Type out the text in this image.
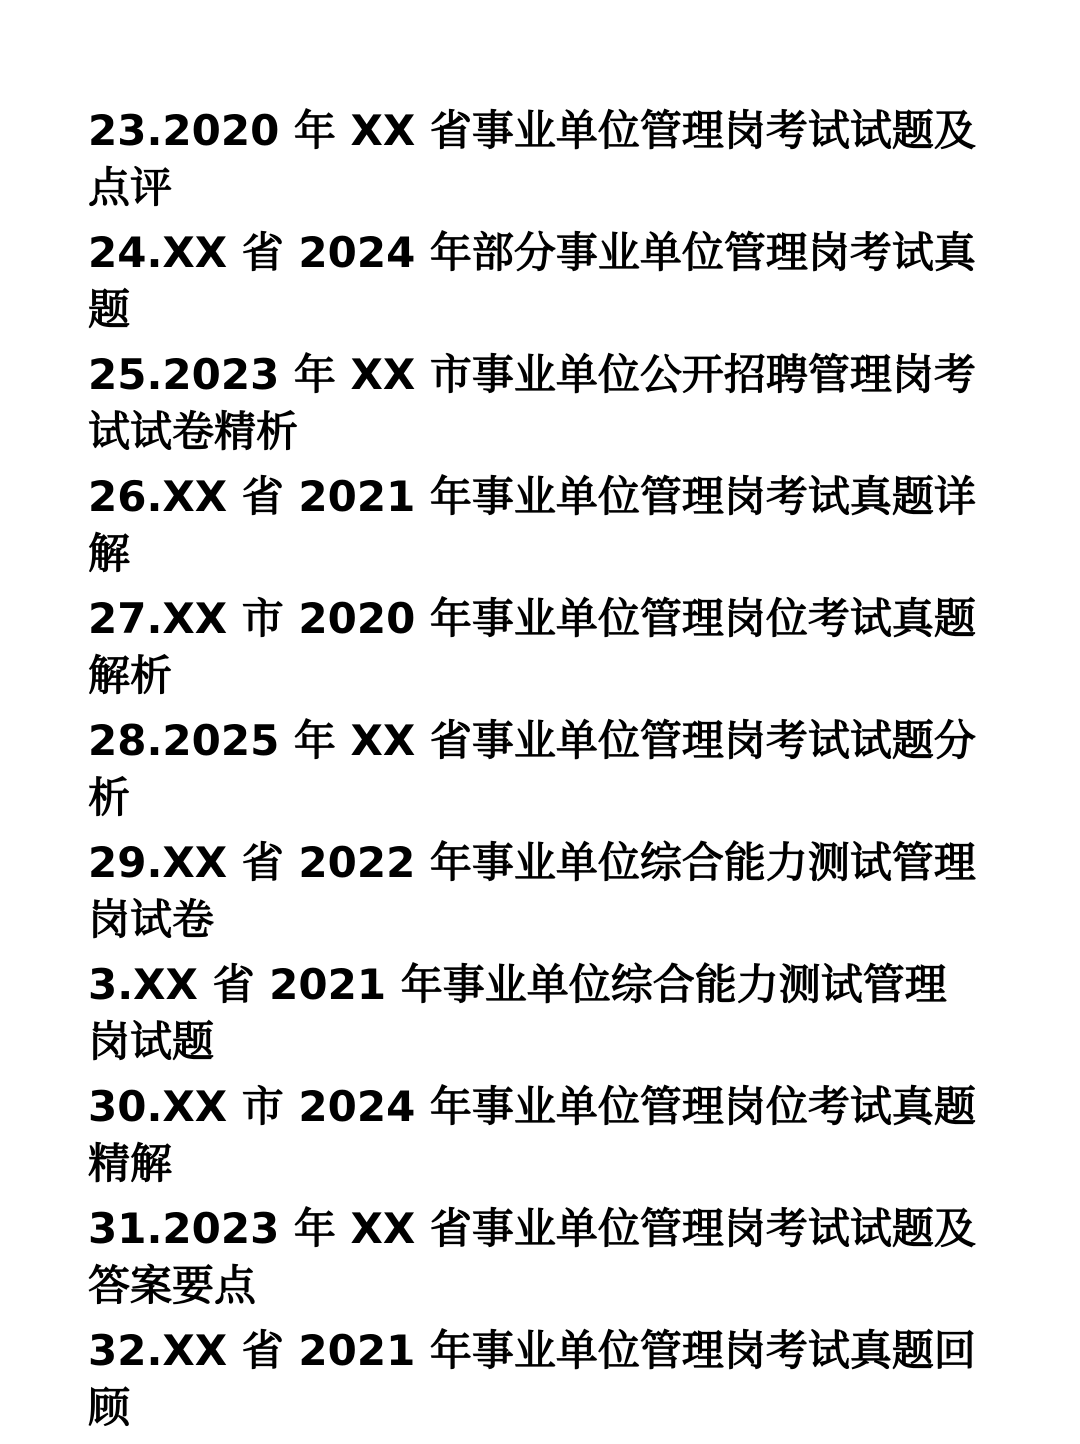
23.2020 年 XX 省事业单位管理岗考试试题及点评
24.XX 省 2024 年部分事业单位管理岗考试真题
25.2023 年 XX 市事业单位公开招聘管理岗考试试卷精析
26.XX 省 2021 年事业单位管理岗考试真题详解
27.XX 市 2020 年事业单位管理岗位考试真题解析
28.2025 年 XX 省事业单位管理岗考试试题分析
29.XX 省 2022 年事业单位综合能力测试管理岗试卷
3.XX 省 2021 年事业单位综合能力测试管理岗试题
30.XX 市 2024 年事业单位管理岗位考试真题精解
31.2023 年 XX 省事业单位管理岗考试试题及答案要点
32.XX 省 2021 年事业单位管理岗考试真题回顾
